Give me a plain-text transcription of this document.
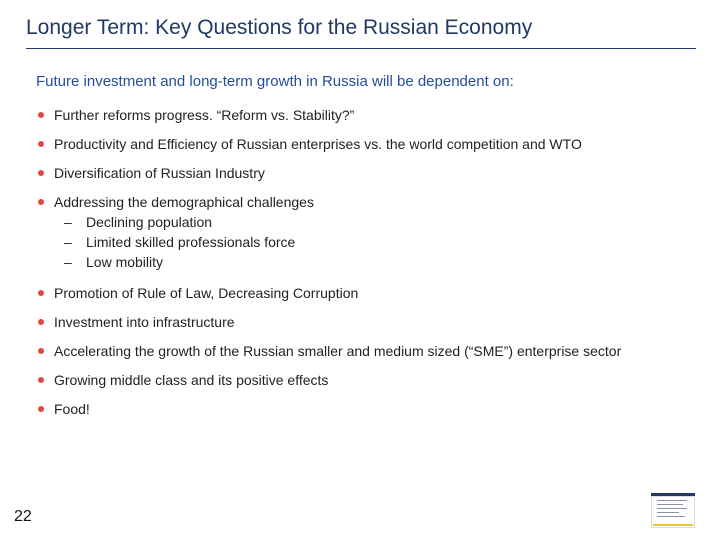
Longer Term: Key Questions for the Russian Economy
Future investment and long-term growth in Russia will be dependent on:
Further reforms progress. “Reform vs. Stability?”
Productivity and Efficiency of Russian enterprises vs. the world competition and WTO
Diversification of Russian Industry
Addressing the demographical challenges
– Declining population
– Limited skilled professionals force
– Low mobility
Promotion of Rule of Law, Decreasing Corruption
Investment into infrastructure
Accelerating the growth of the Russian smaller and medium sized (“SME”) enterprise sector
Growing middle class and its positive effects
Food!
22
